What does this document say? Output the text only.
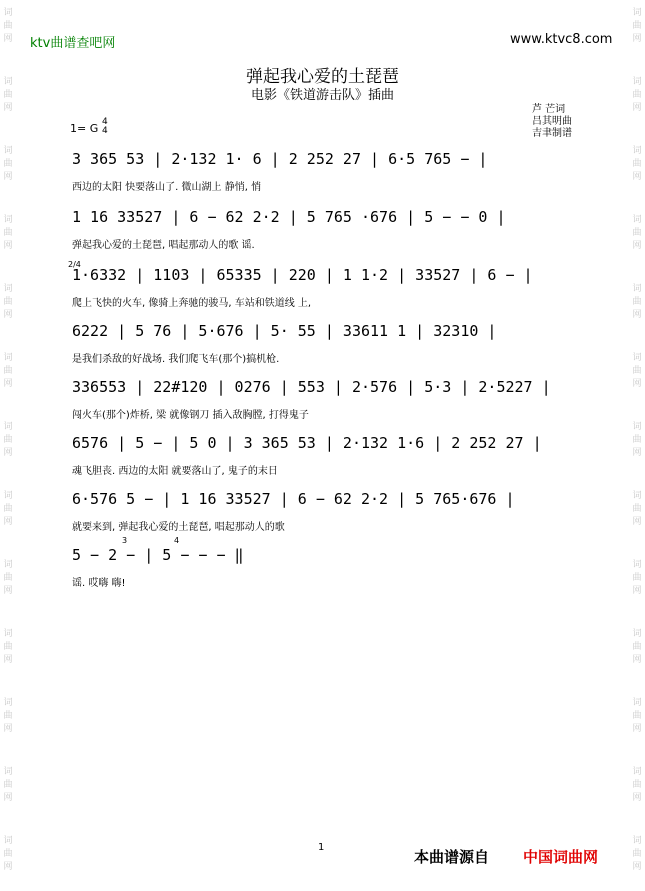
词
曲
网
词
曲
网
词
曲
网
词
曲
网
词
曲
网
词
曲
网
词
曲
网
词
曲
网
词
曲
网
词
曲
网
词
曲
网
词
曲
网
词
曲
网
词
曲
网
词
曲
网
词
曲
网
词
曲
网
词
曲
网
词
曲
网
词
曲
网
词
曲
网
词
曲
网
词
曲
网
词
曲
网
词
曲
网
词
曲
网
ktv曲谱查吧网	www.ktvc8.com
弹起我心爱的土琵琶
电影《铁道游击队》插曲
芦 芒词
吕其明曲
吉聿制谱
1= G 4
4
3 365 53 | 2·132 1· 6 | 2 252 27 | 6·5 765 − |
西边的太阳 快要落山了. 微山湖上 静悄, 悄
1 16 33527 | 6 − 62 2·2 | 5 765 ·676 | 5 − − 0 |
弹起我心爱的土琵琶, 唱起那动人的歌 谣.
1·6332 | 1103 | 65335 | 220 | 1 1·2 | 33527 | 6 − |
爬上飞快的火车, 像骑上奔驰的骏马, 车站和铁道线 上,
2/4
6222 | 5 76 | 5·676 | 5· 55 | 33611 1 | 32310 |
是我们杀敌的好战场. 我们爬飞车(那个)搞机枪.
336553 | 22#120 | 0276 | 553 | 2·576 | 5·3 | 2·5227 |
闯火车(那个)炸桥, 梁 就像钢刀 插入敌胸膛, 打得鬼子
6576 | 5 − | 5 0 | 3 365 53 | 2·132 1·6 | 2 252 27 |
魂飞胆丧. 西边的太阳 就要落山了, 鬼子的末日
6·576 5 − | 1 16 33527 | 6 − 62 2·2 | 5 765·676 |
就要来到, 弹起我心爱的土琵琶, 唱起那动人的歌
5 − 2 − | 5 − − − ‖
谣. 哎嗨 嗨!
3	4
1
本曲谱源自 中国词曲网
